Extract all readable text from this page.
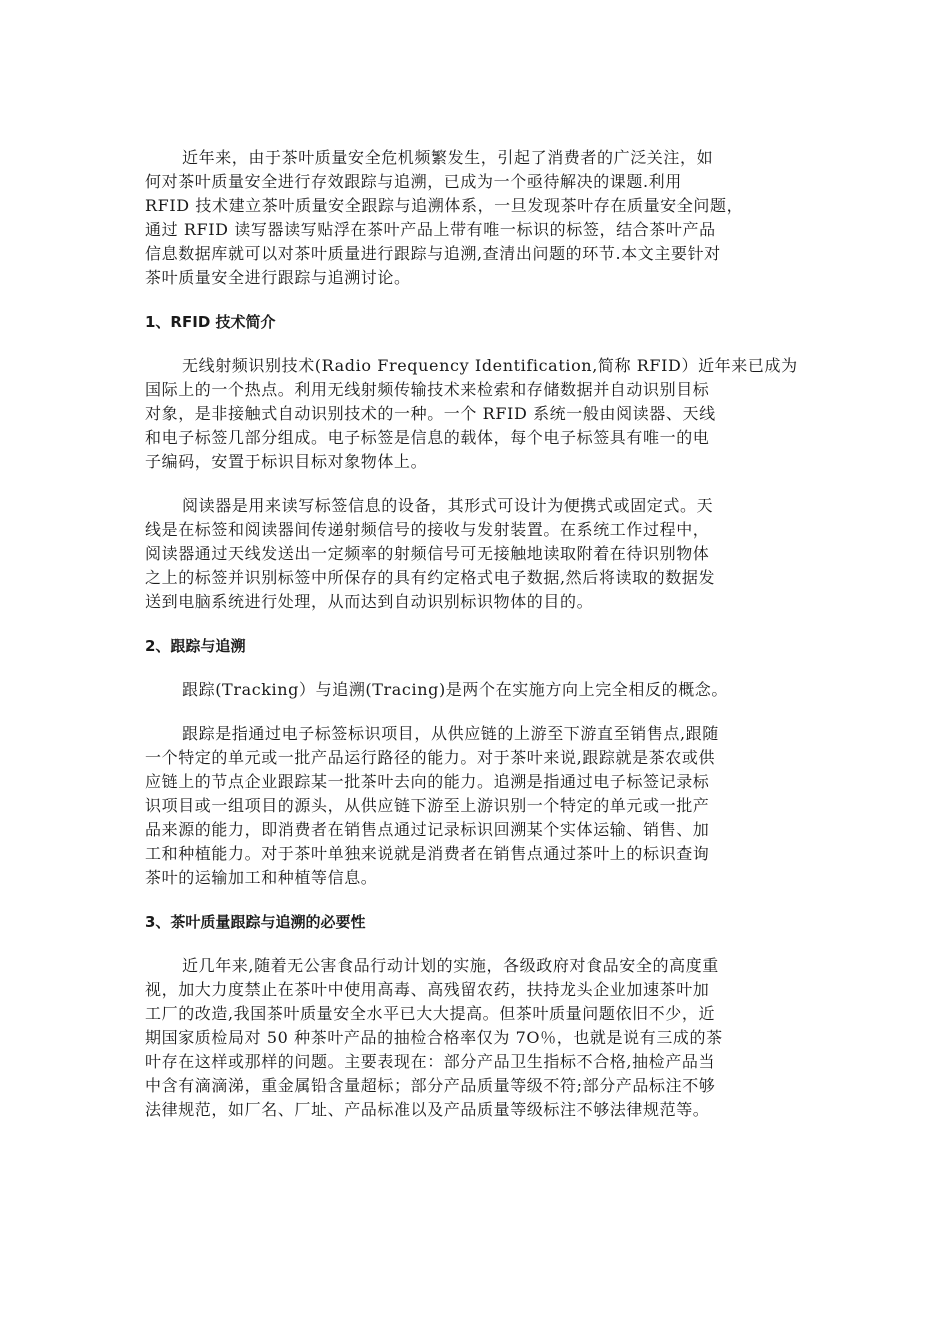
近年来，由于茶叶质量安全危机频繁发生，引起了消费者的广泛关注，如
何对茶叶质量安全进行存效跟踪与追溯，已成为一个亟待解决的课题.利用
RFID 技术建立茶叶质量安全跟踪与追溯体系，一旦发现茶叶存在质量安全问题，
通过 RFID 读写器读写贴浮在茶叶产品上带有唯一标识的标签，结合茶叶产品
信息数据库就可以对茶叶质量进行跟踪与追溯,查清出问题的环节.本文主要针对
茶叶质量安全进行跟踪与追溯讨论。
1、RFID 技术简介
无线射频识别技术(Radio Frequency Identification,简称 RFID）近年来已成为
国际上的一个热点。利用无线射频传输技术来检索和存储数据并自动识别目标
对象，是非接触式自动识别技术的一种。一个 RFID 系统一般由阅读器、天线
和电子标签几部分组成。电子标签是信息的载体，每个电子标签具有唯一的电
子编码，安置于标识目标对象物体上。
阅读器是用来读写标签信息的设备，其形式可设计为便携式或固定式。天
线是在标签和阅读器间传递射频信号的接收与发射装置。在系统工作过程中，
阅读器通过天线发送出一定频率的射频信号可无接触地读取附着在待识别物体
之上的标签并识别标签中所保存的具有约定格式电子数据,然后将读取的数据发
送到电脑系统进行处理，从而达到自动识别标识物体的目的。
2、跟踪与追溯
跟踪(Tracking）与追溯(Tracing)是两个在实施方向上完全相反的概念。
跟踪是指通过电子标签标识项目，从供应链的上游至下游直至销售点,跟随
一个特定的单元或一批产品运行路径的能力。对于茶叶来说,跟踪就是茶农或供
应链上的节点企业跟踪某一批茶叶去向的能力。追溯是指通过电子标签记录标
识项目或一组项目的源头，从供应链下游至上游识别一个特定的单元或一批产
品来源的能力，即消费者在销售点通过记录标识回溯某个实体运输、销售、加
工和种植能力。对于茶叶单独来说就是消费者在销售点通过茶叶上的标识查询
茶叶的运输加工和种植等信息。
3、茶叶质量跟踪与追溯的必要性
近几年来,随着无公害食品行动计划的实施，各级政府对食品安全的高度重
视，加大力度禁止在茶叶中使用高毒、高残留农药，扶持龙头企业加速茶叶加
工厂的改造,我国茶叶质量安全水平已大大提高。但茶叶质量问题依旧不少，近
期国家质检局对 50 种茶叶产品的抽检合格率仅为 7O％，也就是说有三成的茶
叶存在这样或那样的问题。主要表现在：部分产品卫生指标不合格,抽检产品当
中含有滴滴涕，重金属铅含量超标；部分产品质量等级不符;部分产品标注不够
法律规范，如厂名、厂址、产品标准以及产品质量等级标注不够法律规范等。
